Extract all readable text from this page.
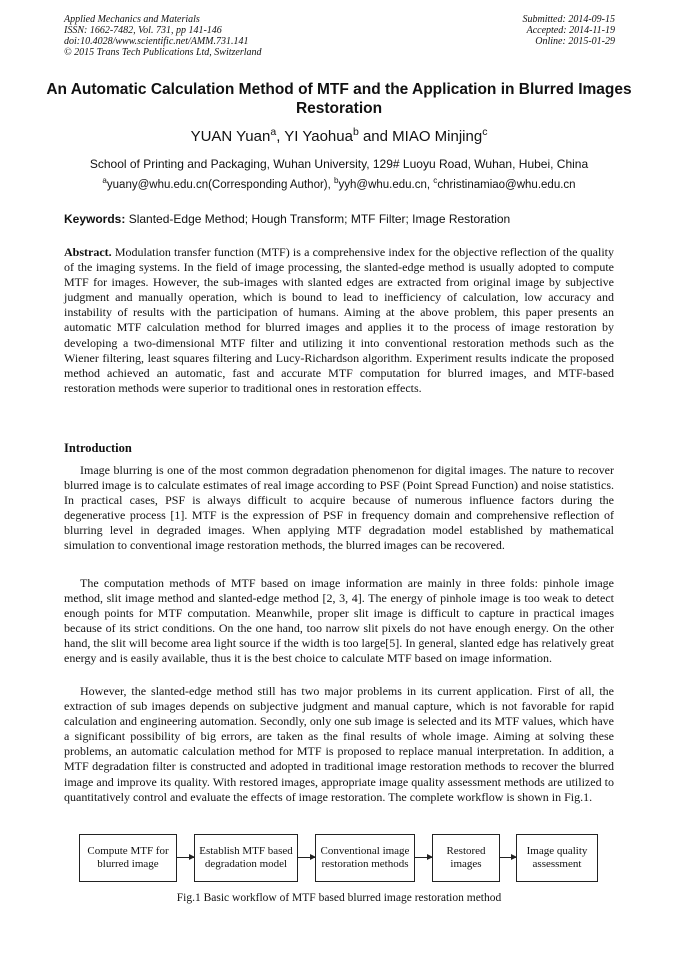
Applied Mechanics and Materials
ISSN: 1662-7482, Vol. 731, pp 141-146
doi:10.4028/www.scientific.net/AMM.731.141
© 2015 Trans Tech Publications Ltd, Switzerland
Submitted: 2014-09-15
Accepted: 2014-11-19
Online: 2015-01-29
An Automatic Calculation Method of MTF and the Application in Blurred Images Restoration
YUAN Yuan$^a$, YI Yaohua$^b$ and MIAO Minjing$^c$
School of Printing and Packaging, Wuhan University, 129# Luoyu Road, Wuhan, Hubei, China
$^a$yuany@whu.edu.cn(Corresponding Author), $^b$yyh@whu.edu.cn, $^c$christinamiao@whu.edu.cn
Keywords: Slanted-Edge Method; Hough Transform; MTF Filter; Image Restoration

Abstract. Modulation transfer function (MTF) is a comprehensive index for the objective reflection of the quality of the imaging systems. In the field of image processing, the slanted-edge method is usually adopted to compute MTF for images. However, the sub-images with slanted edges are extracted from original image by subjective judgment and manually operation, which is bound to lead to inefficiency of calculation, low accuracy and instability of results with the participation of humans. Aiming at the above problem, this paper presents an automatic MTF calculation method for blurred images and applies it to the process of image restoration by developing a two-dimensional MTF filter and utilizing it into conventional restoration methods such as the Wiener filtering, least squares filtering and Lucy-Richardson algorithm. Experiment results indicate the proposed method achieved an automatic, fast and accurate MTF computation for blurred images, and MTF-based restoration methods were superior to traditional ones in restoration effects.

Introduction

Image blurring is one of the most common degradation phenomenon for digital images. The nature to recover blurred image is to calculate estimates of real image according to PSF (Point Spread Function) and noise statistics. In practical cases, PSF is always difficult to acquire because of numerous influence factors during the degenerative process [1]. MTF is the expression of PSF in frequency domain and comprehensive reflection of blurring level in degraded images. When applying MTF degradation model established by mathematical simulation to conventional image restoration methods, the blurred images can be recovered.

The computation methods of MTF based on image information are mainly in three folds: pinhole image method, slit image method and slanted-edge method [2, 3, 4]. The energy of pinhole image is too weak to detect enough points for MTF computation. Meanwhile, proper slit image is difficult to capture in practical images because of its strict conditions. On the one hand, too narrow slit pixels do not have enough energy. On the other hand, the slit will become area light source if the width is too large[5]. In general, slanted edge has relatively great energy and is easily available, thus it is the best choice to calculate MTF based on image information.

However, the slanted-edge method still has two major problems in its current application. First of all, the extraction of sub images depends on subjective judgment and manual capture, which is not favorable for rapid calculation and engineering automation. Secondly, only one sub image is selected and its MTF values, which have a significant possibility of big errors, are taken as the final results of whole image. Aiming at solving these problems, an automatic calculation method for MTF is proposed to replace manual interpretation. In addition, a MTF degradation filter is constructed and adopted in traditional image restoration methods to recover the blurred image and improve its quality. With restored images, appropriate image quality assessment methods are utilized to quantitatively control and evaluate the effects of image restoration. The complete workflow is shown in Fig.1.

Compute MTF for blurred image
Establish MTF based degradation model
Conventional image restoration methods
Restored images
Image quality assessment
Fig.1 Basic workflow of MTF based blurred image restoration method
